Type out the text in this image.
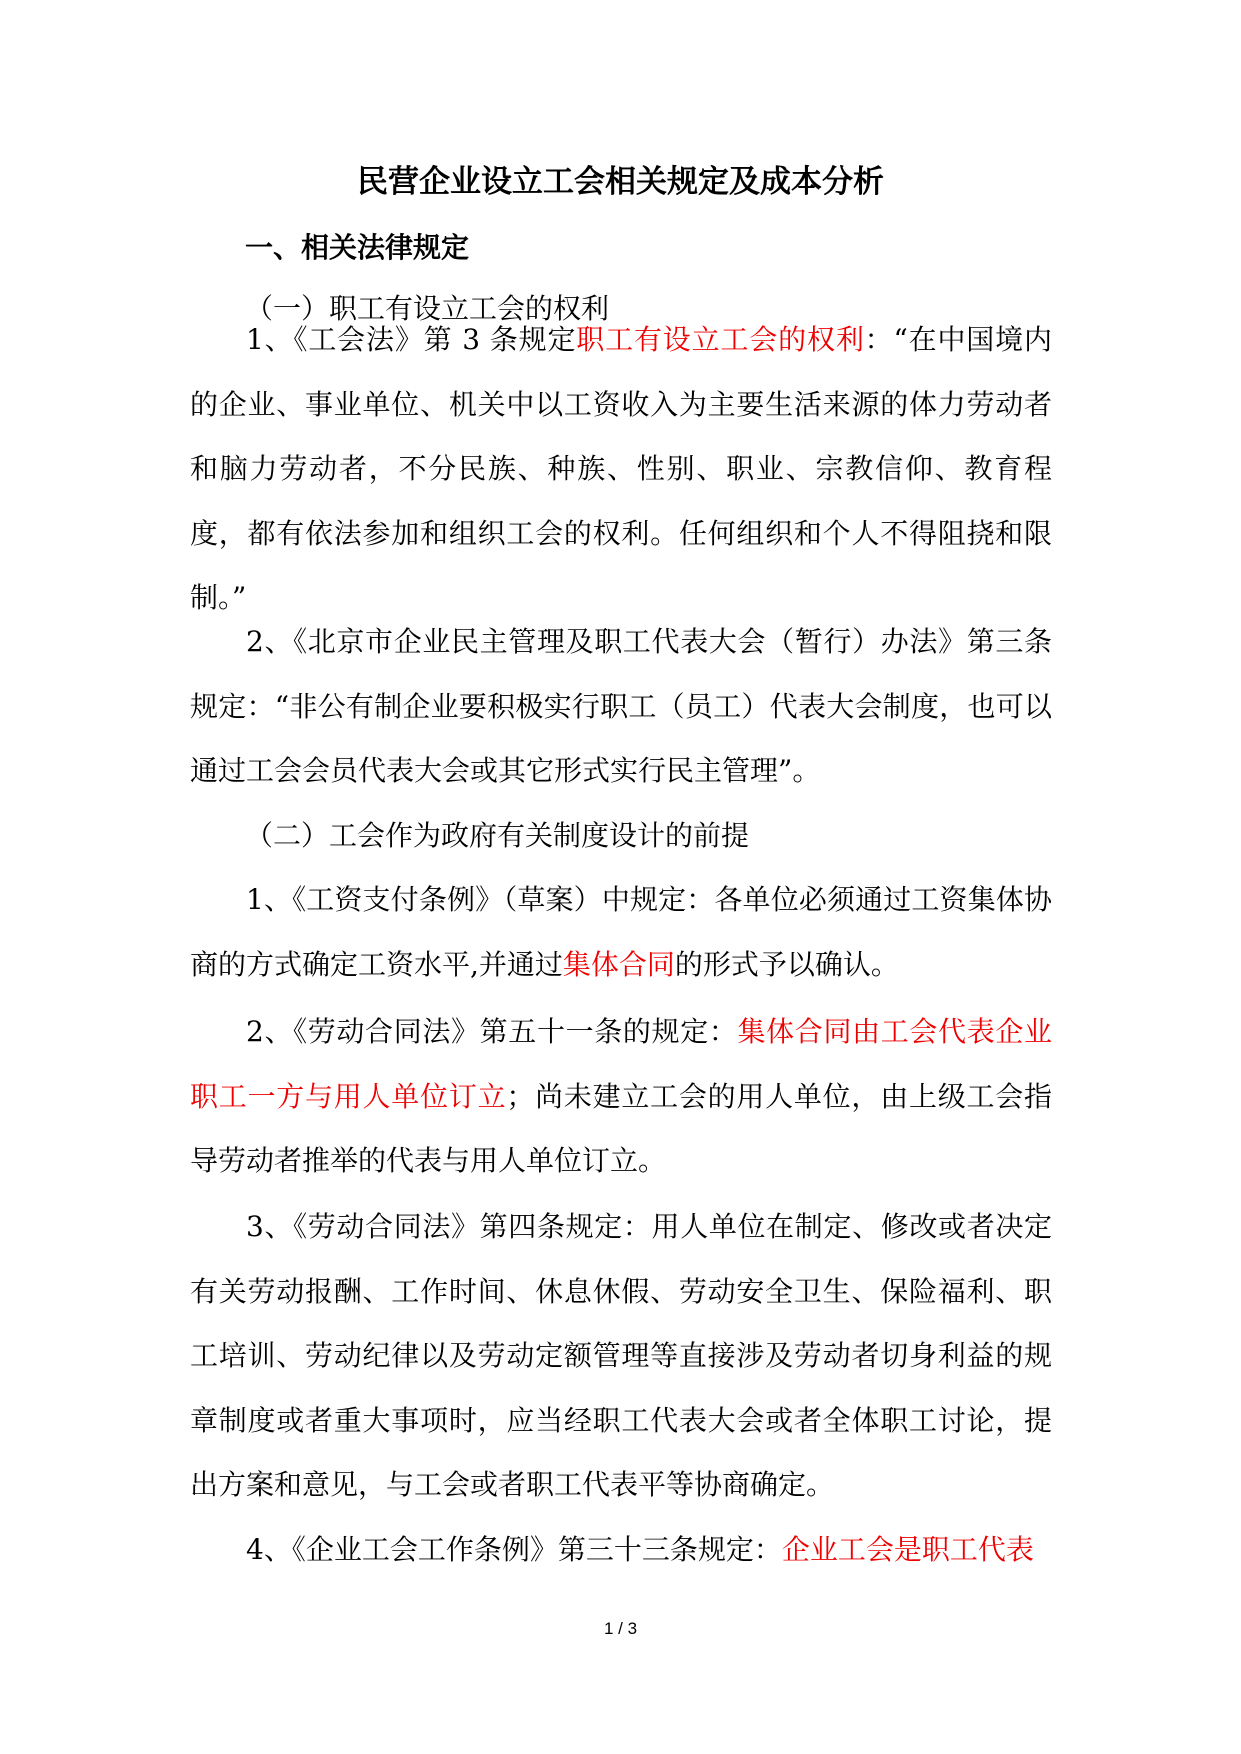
民营企业设立工会相关规定及成本分析
一、相关法律规定
（一）职工有设立工会的权利
1、《工会法》第 3 条规定职工有设立工会的权利：“在中国境内的企业、事业单位、机关中以工资收入为主要生活来源的体力劳动者和脑力劳动者，不分民族、种族、性别、职业、宗教信仰、教育程度，都有依法参加和组织工会的权利。任何组织和个人不得阻挠和限制。”
2、《北京市企业民主管理及职工代表大会（暂行）办法》第三条规定：“非公有制企业要积极实行职工（员工）代表大会制度，也可以通过工会会员代表大会或其它形式实行民主管理”。
（二）工会作为政府有关制度设计的前提
1、《工资支付条例》（草案）中规定：各单位必须通过工资集体协商的方式确定工资水平,并通过集体合同的形式予以确认。
2、《劳动合同法》第五十一条的规定：集体合同由工会代表企业职工一方与用人单位订立；尚未建立工会的用人单位，由上级工会指导劳动者推举的代表与用人单位订立。
3、《劳动合同法》第四条规定：用人单位在制定、修改或者决定有关劳动报酬、工作时间、休息休假、劳动安全卫生、保险福利、职工培训、劳动纪律以及劳动定额管理等直接涉及劳动者切身利益的规章制度或者重大事项时，应当经职工代表大会或者全体职工讨论，提出方案和意见，与工会或者职工代表平等协商确定。
4、《企业工会工作条例》第三十三条规定：企业工会是职工代表
1 / 3
